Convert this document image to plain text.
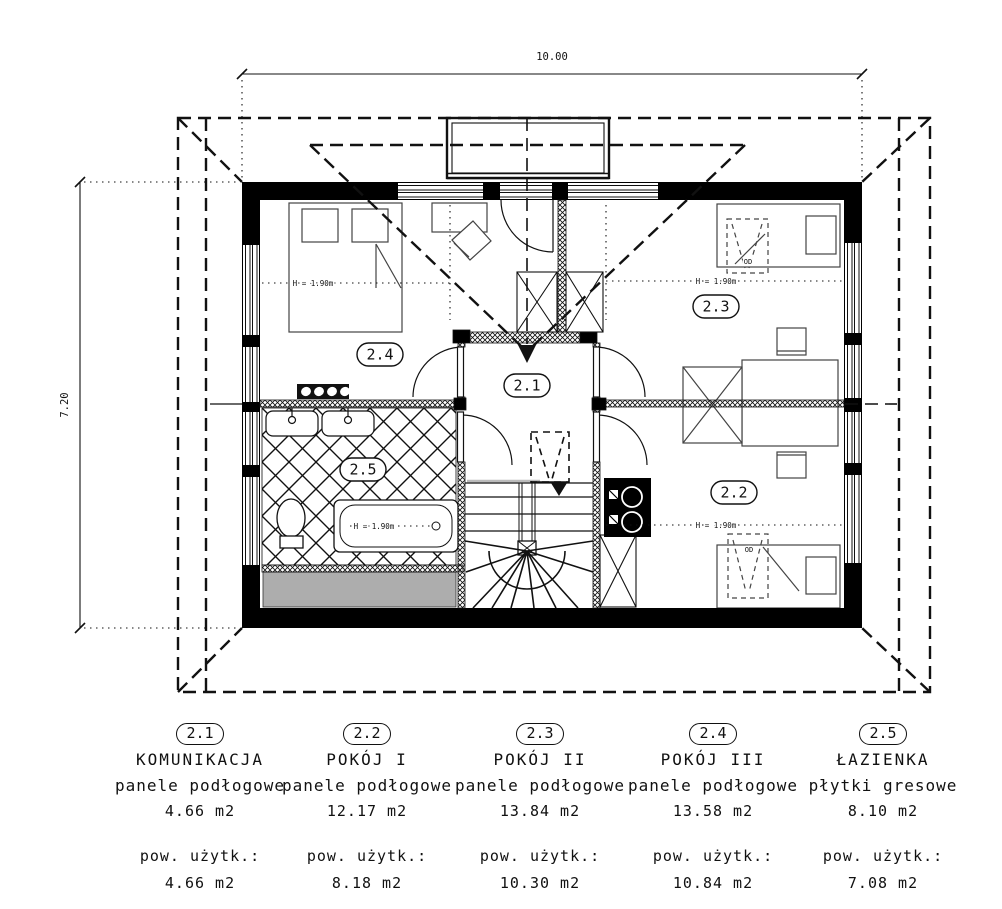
10.00
7.20
H = 1.90m	H = 1.90m
H = 1.90m
H = 1.90m
OD
OD
2.1
2.2
2.3
2.4
2.5
2.1
KOMUNIKACJA
panele podłogowe
4.66 m2
pow. użytk.:
4.66 m2
2.2
POKÓJ I
panele podłogowe
12.17 m2
pow. użytk.:
8.18 m2
2.3
POKÓJ II
panele podłogowe
13.84 m2
pow. użytk.:
10.30 m2
2.4
POKÓJ III
panele podłogowe
13.58 m2
pow. użytk.:
10.84 m2
2.5
ŁAZIENKA
płytki gresowe
8.10 m2
pow. użytk.:
7.08 m2
